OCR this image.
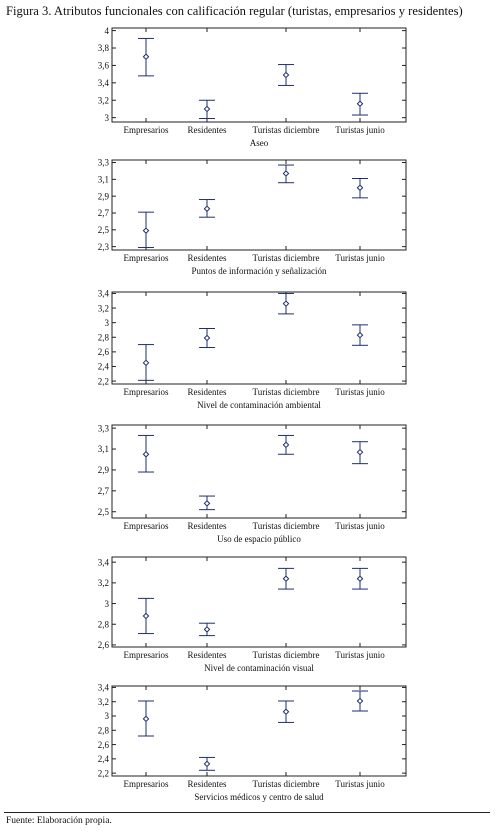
Figura 3. Atributos funcionales con calificación regular (turistas, empresarios y residentes)
3
3,2
3,4
3,6
3,8
4
Empresarios Residentes	Turistas diciembre Turistas junio
Aseo
2,3
2,5
2,7
2,9
3,1
3,3
Empresarios Residentes	Turistas diciembre Turistas junio
Puntos de información y señalización
2,2
2,4
2,6
2,8
3
3,2
3,4
Empresarios Residentes	Turistas diciembre Turistas junio
Nivel de contaminación ambiental
2,5
2,7
2,9
3,1
3,3
Empresarios Residentes	Turistas diciembre Turistas junio
Uso de espacio público
2,6
2,8
3
3,2
3,4
Empresarios Residentes	Turistas diciembre Turistas junio
Nivel de contaminación visual
2,2
2,4
2,6
2,8
3
3,2
3,4
Empresarios Residentes	Turistas diciembre Turistas junio
Servicios médicos y centro de salud
Fuente: Elaboración propia.
